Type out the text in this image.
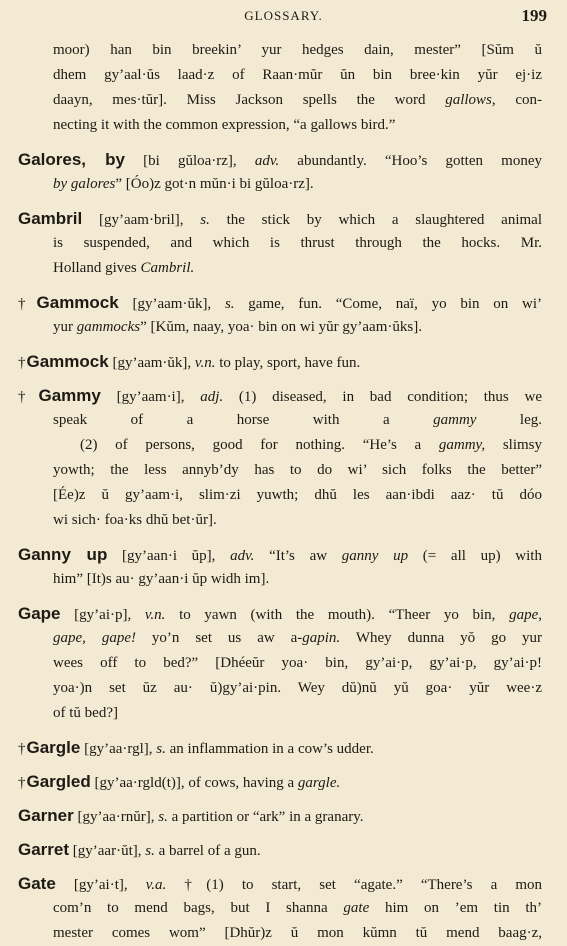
GLOSSARY.	199
moor) han bin breekin’ yur hedges dain, mester” [Sŭm ŭ
dhem gy’aal·ŭs laad·z of Raan·mŭr ŭn bin bree·kin yŭr ej·iz
daayn, mes·tŭr]. Miss Jackson spells the word gallows, con-
necting it with the common expression, “a gallows bird.”
Galores, by [bi gŭloa·rz], adv. abundantly. “Hoo’s gotten money
by galores” [Óo)z got·n mŭn·i bi gŭloa·rz].
Gambril [gy’aam·bril], s. the stick by which a slaughtered animal
is suspended, and which is thrust through the hocks. Mr.
Holland gives Cambril.
†Gammock [gy’aam·ŭk], s. game, fun. “Come, naï, yo bin on wi’
yur gammocks” [Kŭm, naay, yoa· bin on wi yŭr gy’aam·ŭks].
†Gammock [gy’aam·ŭk], v.n. to play, sport, have fun.
†Gammy [gy’aam·i], adj. (1) diseased, in bad condition; thus we
speak of a horse with a gammy leg.
(2) of persons, good for nothing. “He’s a gammy, slimsy
yowth; the less annyb’dy has to do wi’ sich folks the better”
[Ée)z ŭ gy’aam·i, slim·zi yuwth; dhŭ les aan·ibdi aaz· tŭ dóo
wi sich· foa·ks dhŭ bet·ŭr].
Ganny up [gy’aan·i ŭp], adv. “It’s aw ganny up (= all up) with
him” [It)s au· gy’aan·i ŭp widh im].
Gape [gy’ai·p], v.n. to yawn (with the mouth). “Theer yo bin, gape,
gape, gape! yo’n set us aw a-gapin. Whey dunna yŏ go yur
wees off to bed?” [Dhéeŭr yoa· bin, gy’ai·p, gy’ai·p, gy’ai·p!
yoa·)n set ŭz au· ŭ)gy’ai·pin. Wey dŭ)nŭ yŭ goa· yŭr wee·z
of tŭ bed?]
†Gargle [gy’aa·rgl], s. an inflammation in a cow’s udder.
†Gargled [gy’aa·rgld(t)], of cows, having a gargle.
Garner [gy’aa·rnŭr], s. a partition or “ark” in a granary.
Garret [gy’aar·ŭt], s. a barrel of a gun.
Gate [gy’ai·t], v.a. †(1) to start, set “agate.” “There’s a mon
com’n to mend bags, but I shanna gate him on ’em tin th’
mester comes wom” [Dhŭr)z ŭ mon kŭmn tŭ mend baag·z,
